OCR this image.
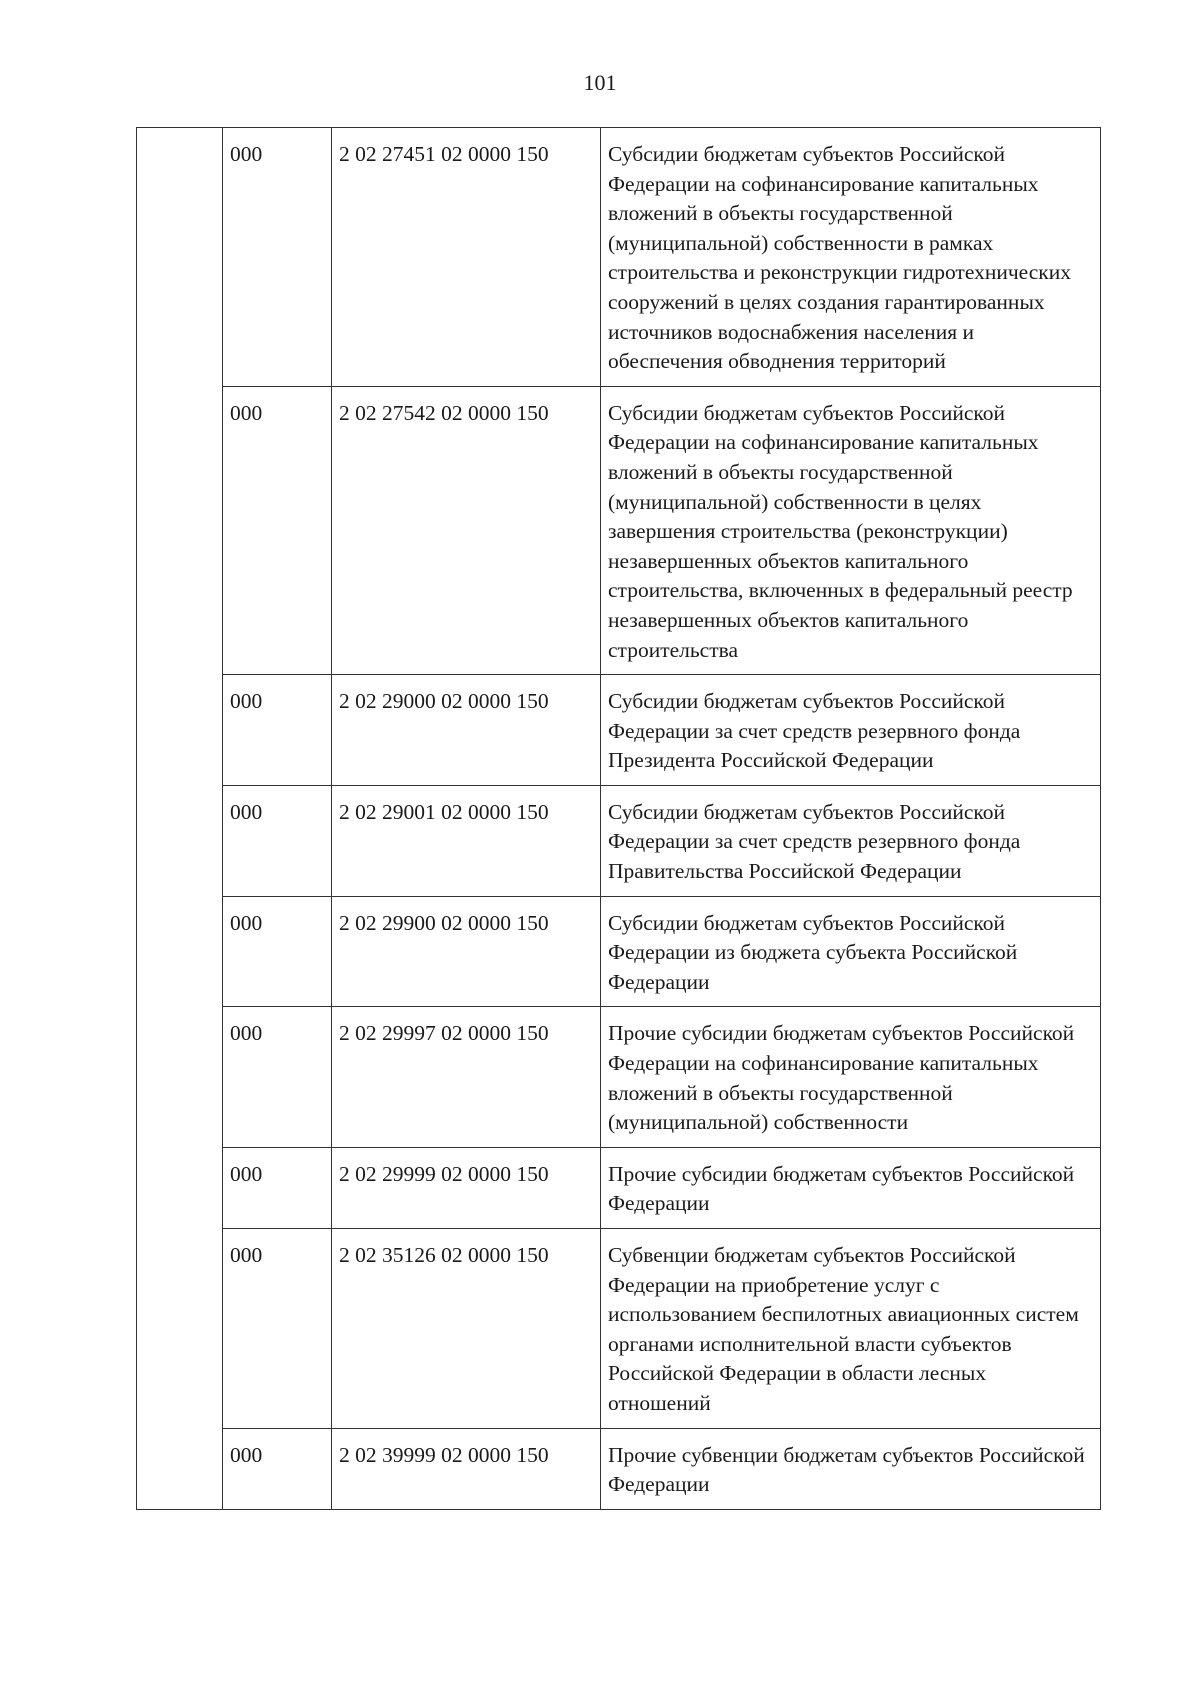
101
	000	2 02 27451 02 0000 150	Субсидии бюджетам субъектов Российской Федерации на софинансирование капитальных вложений в объекты государственной (муниципальной) собственности в рамках строительства и реконструкции гидротехнических сооружений в целях создания гарантированных источников водоснабжения населения и обеспечения обводнения территорий
	000	2 02 27542 02 0000 150	Субсидии бюджетам субъектов Российской Федерации на софинансирование капитальных вложений в объекты государственной (муниципальной) собственности в целях завершения строительства (реконструкции) незавершенных объектов капитального строительства, включенных в федеральный реестр незавершенных объектов капитального строительства
	000	2 02 29000 02 0000 150	Субсидии бюджетам субъектов Российской Федерации за счет средств резервного фонда Президента Российской Федерации
	000	2 02 29001 02 0000 150	Субсидии бюджетам субъектов Российской Федерации за счет средств резервного фонда Правительства Российской Федерации
	000	2 02 29900 02 0000 150	Субсидии бюджетам субъектов Российской Федерации из бюджета субъекта Российской Федерации
	000	2 02 29997 02 0000 150	Прочие субсидии бюджетам субъектов Российской Федерации на софинансирование капитальных вложений в объекты государственной (муниципальной) собственности
	000	2 02 29999 02 0000 150	Прочие субсидии бюджетам субъектов Российской Федерации
	000	2 02 35126 02 0000 150	Субвенции бюджетам субъектов Российской Федерации на приобретение услуг с использованием беспилотных авиационных систем органами исполнительной власти субъектов Российской Федерации в области лесных отношений
	000	2 02 39999 02 0000 150	Прочие субвенции бюджетам субъектов Российской Федерации
